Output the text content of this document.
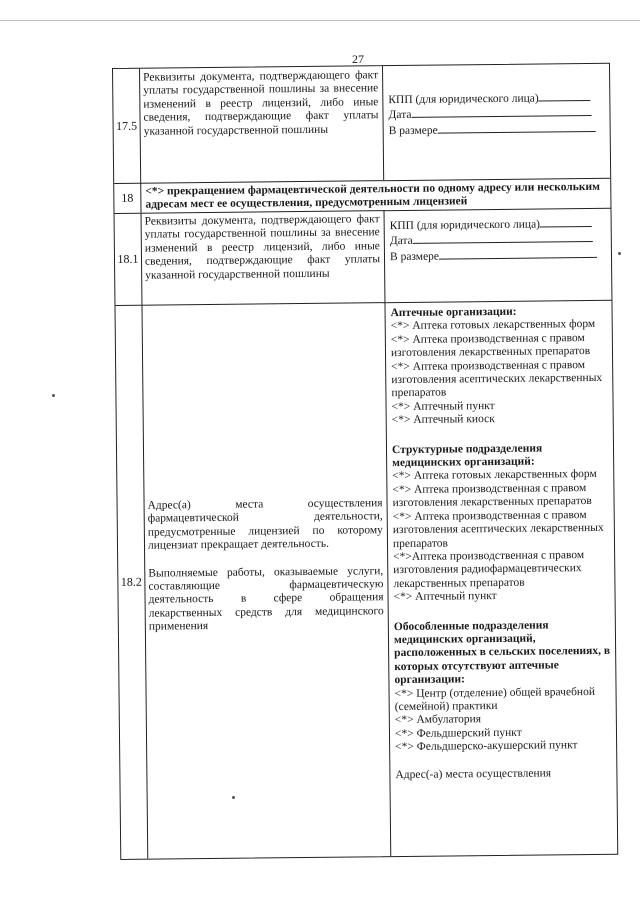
27
17.5
Реквизиты документа, подтверждающего факт уплаты государственной пошлины за внесение изменений в реестр лицензий, либо иные сведения, подтверждающие факт уплаты указанной государственной пошлины
КПП (для юридического лица)
Дата
В размере
18	<*> прекращением фармацевтической деятельности по одному адресу или нескольким адресам мест ее осуществления, предусмотренным лицензией
18.1
Реквизиты документа, подтверждающего факт уплаты государственной пошлины за внесение изменений в реестр лицензий, либо иные сведения, подтверждающие факт уплаты указанной государственной пошлины
КПП (для юридического лица)
Дата
В размере
18.2
Адрес(а) места осуществления фармацевтической деятельности, предусмотренные лицензией по которому лицензиат прекращает деятельность.
Выполняемые работы, оказываемые услуги, составляющие фармацевтическую деятельность в сфере обращения лекарственных средств для медицинского применения
Аптечные организации:
<*> Аптека готовых лекарственных форм
<*> Аптека производственная с правом изготовления лекарственных препаратов
<*> Аптека производственная с правом изготовления асептических лекарственных препаратов
<*> Аптечный пункт
<*> Аптечный киоск
Структурные подразделения медицинских организаций:
<*> Аптека готовых лекарственных форм
<*> Аптека производственная с правом изготовления лекарственных препаратов
<*> Аптека производственная с правом изготовления асептических лекарственных препаратов
<*>Аптека производственная с правом изготовления радиофармацевтических лекарственных препаратов
<*> Аптечный пункт
Обособленные подразделения медицинских организаций, расположенных в сельских поселениях, в которых отсутствуют аптечные организации:
<*> Центр (отделение) общей врачебной (семейной) практики
<*> Амбулатория
<*> Фельдшерский пункт
<*> Фельдшерско-акушерский пункт
Адрес(-а) места осуществления
